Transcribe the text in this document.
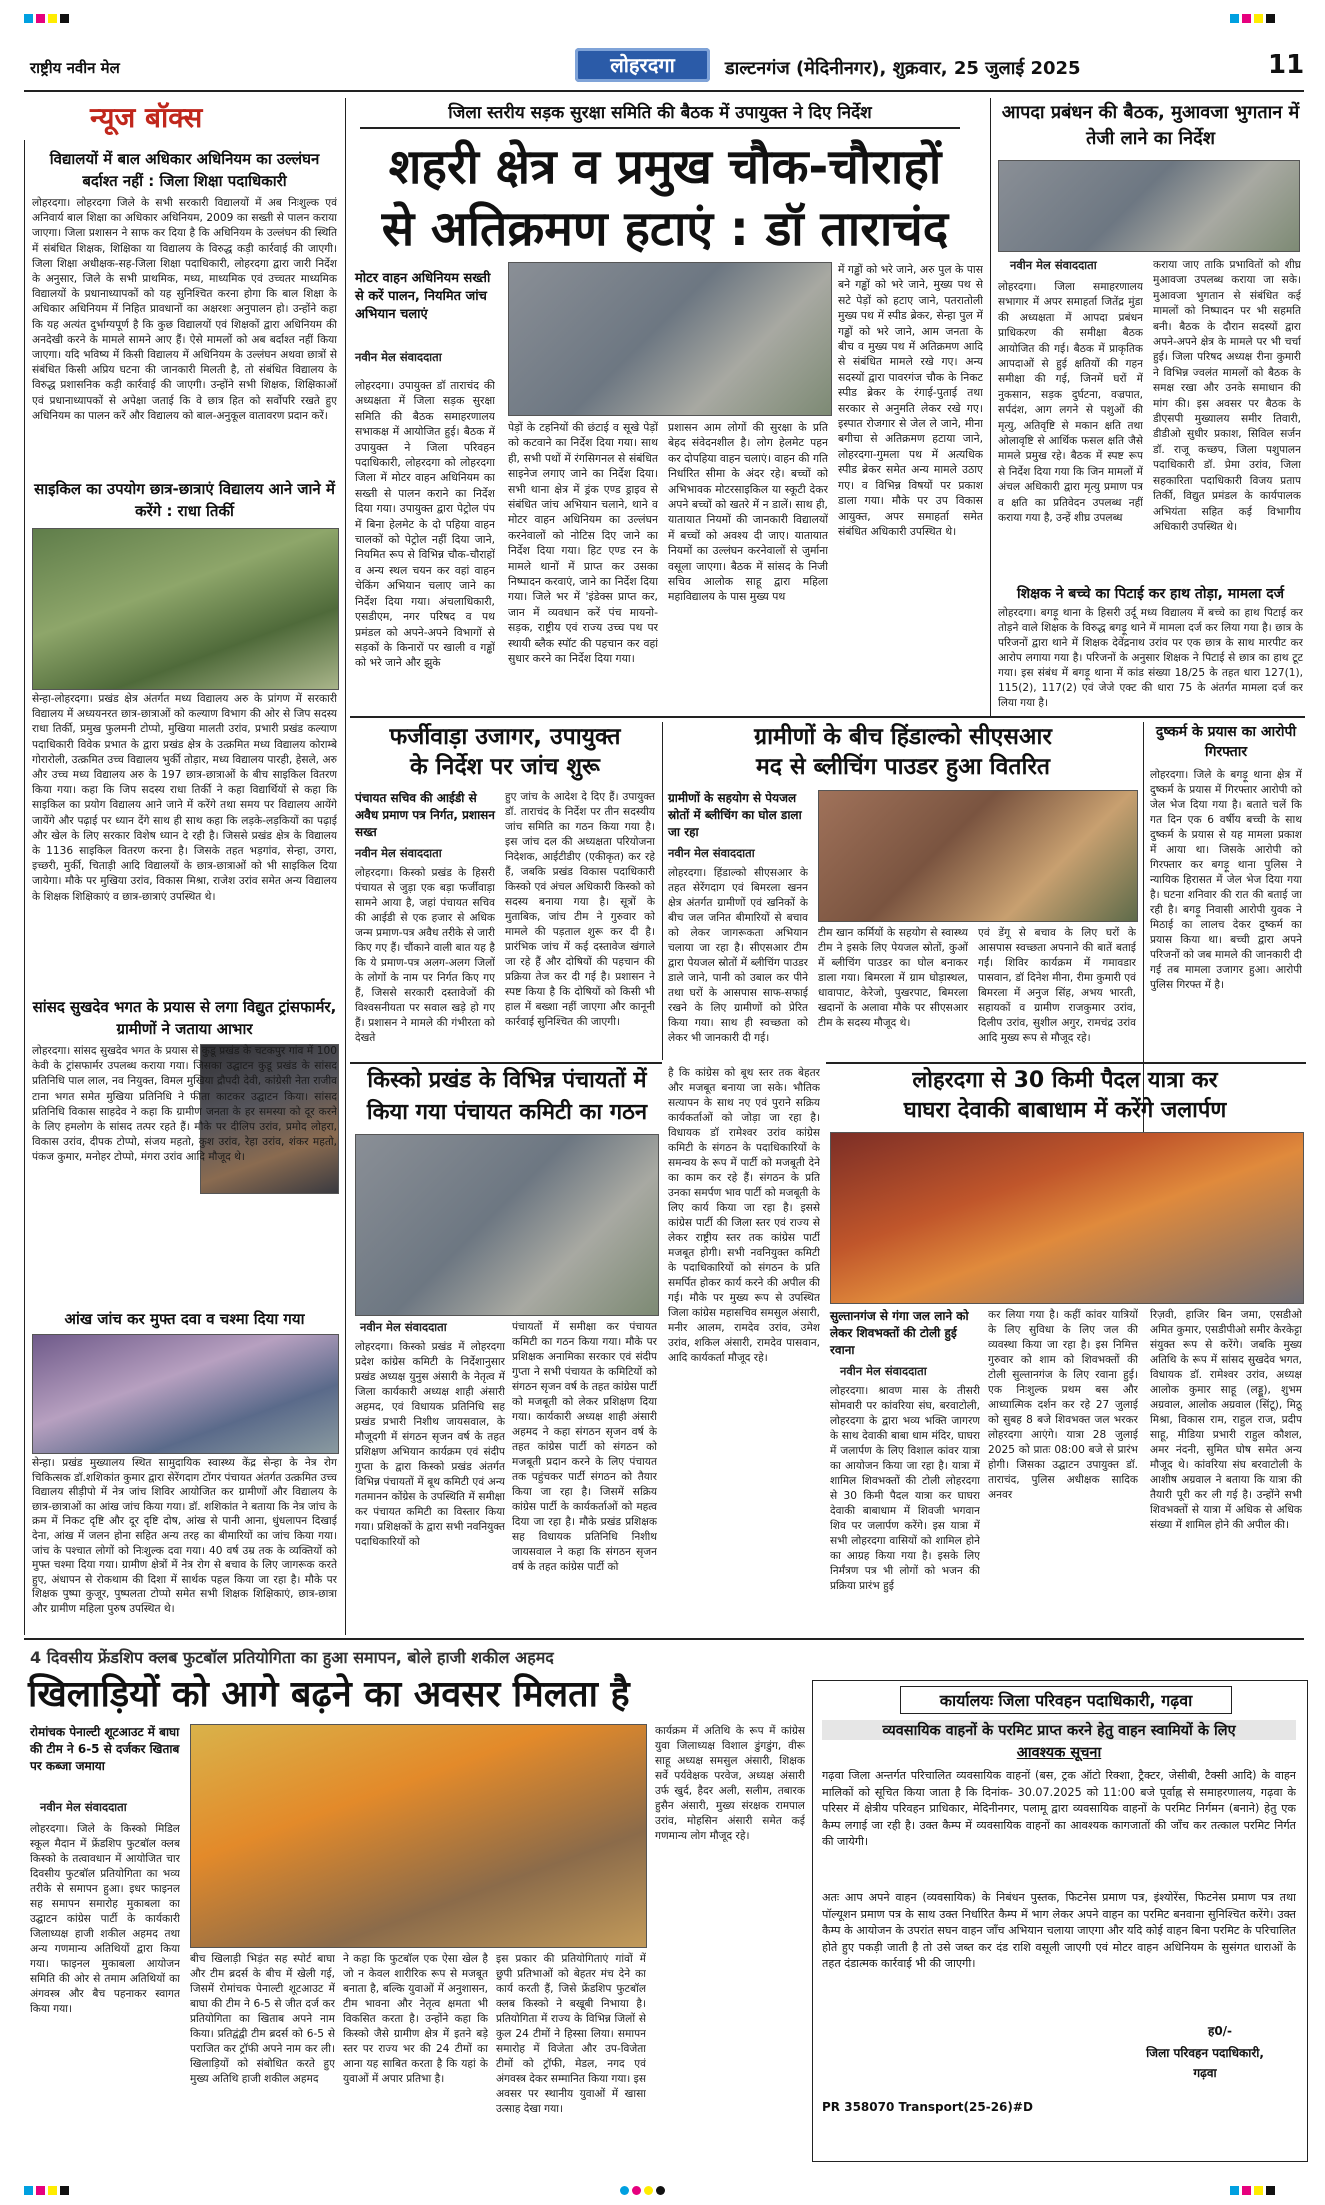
राष्ट्रीय नवीन मेल	लोहरदगा	डाल्टनगंज (मेदिनीनगर), शुक्रवार, 25 जुलाई 2025	11
न्यूज बॉक्स
विद्यालयों में बाल अधिकार अधिनियम का उल्लंघन बर्दाश्त नहीं : जिला शिक्षा पदाधिकारी
लोहरदगा। लोहरदगा जिले के सभी सरकारी विद्यालयों में अब निःशुल्क एवं अनिवार्य बाल शिक्षा का अधिकार अधिनियम, 2009 का सख्ती से पालन कराया जाएगा। जिला प्रशासन ने साफ कर दिया है कि अधिनियम के उल्लंघन की स्थिति में संबंधित शिक्षक, शिक्षिका या विद्यालय के विरुद्ध कड़ी कार्रवाई की जाएगी। जिला शिक्षा अधीक्षक-सह-जिला शिक्षा पदाधिकारी, लोहरदगा द्वारा जारी निर्देश के अनुसार, जिले के सभी प्राथमिक, मध्य, माध्यमिक एवं उच्चतर माध्यमिक विद्यालयों के प्रधानाध्यापकों को यह सुनिश्चित करना होगा कि बाल शिक्षा के अधिकार अधिनियम में निहित प्रावधानों का अक्षरशः अनुपालन हो। उन्होंने कहा कि यह अत्यंत दुर्भाग्यपूर्ण है कि कुछ विद्यालयों एवं शिक्षकों द्वारा अधिनियम की अनदेखी करने के मामले सामने आए हैं। ऐसे मामलों को अब बर्दाश्त नहीं किया जाएगा। यदि भविष्य में किसी विद्यालय में अधिनियम के उल्लंघन अथवा छात्रों से संबंधित किसी अप्रिय घटना की जानकारी मिलती है, तो संबंधित विद्यालय के विरुद्ध प्रशासनिक कड़ी कार्रवाई की जाएगी। उन्होंने सभी शिक्षक, शिक्षिकाओं एवं प्रधानाध्यापकों से अपेक्षा जताई कि वे छात्र हित को सर्वोपरि रखते हुए अधिनियम का पालन करें और विद्यालय को बाल-अनुकूल वातावरण प्रदान करें।
साइकिल का उपयोग छात्र-छात्राएं विद्यालय आने जाने में करेंगे : राधा तिर्की
सेन्हा-लोहरदगा। प्रखंड क्षेत्र अंतर्गत मध्य विद्यालय अरु के प्रांगण में सरकारी विद्यालय में अध्ययनरत छात्र-छात्राओं को कल्याण विभाग की ओर से जिप सदस्य राधा तिर्की, प्रमुख फुलमनी टोप्पो, मुखिया मालती उरांव, प्रभारी प्रखंड कल्याण पदाधिकारी विवेक प्रभात के द्वारा प्रखंड क्षेत्र के उत्क्रमित मध्य विद्यालय कोराम्बे गोरारोली, उत्क्रमित उच्च विद्यालय भुर्की तोड़ार, मध्य विद्यालय पारही, हेसले, अरु और उच्च मध्य विद्यालय अरु के 197 छात्र-छात्राओं के बीच साइकिल वितरण किया गया। कहा कि जिप सदस्य राधा तिर्की ने कहा विद्यार्थियों से कहा कि साइकिल का प्रयोग विद्यालय आने जाने में करेंगे तथा समय पर विद्यालय आयेंगे जायेंगे और पढ़ाई पर ध्यान देंगे साथ ही साथ कहा कि लड़के-लड़कियों का पढ़ाई और खेल के लिए सरकार विशेष ध्यान दे रही है। जिससे प्रखंड क्षेत्र के विद्यालय के 1136 साइकिल वितरण करना है। जिसके तहत भड़गांव, सेन्हा, उगरा, इच्छरी, मुर्की, चिताड़ी आदि विद्यालयों के छात्र-छात्राओं को भी साइकिल दिया जायेगा। मौके पर मुखिया उरांव, विकास मिश्रा, राजेश उरांव समेत अन्य विद्यालय के शिक्षक शिक्षिकाएं व छात्र-छात्राएं उपस्थित थे।
सांसद सुखदेव भगत के प्रयास से लगा विद्युत ट्रांसफार्मर, ग्रामीणों ने जताया आभार
लोहरदगा। सांसद सुखदेव भगत के प्रयास से कुडू प्रखंड के चटकपुर गांव में 100 केवी के ट्रांसफार्मर उपलब्ध कराया गया। जिसका उद्घाटन कुडू प्रखंड के सांसद प्रतिनिधि पाल लाल, नव नियुक्त, विमल मुखिया द्रौपदी देवी, कांग्रेसी नेता राजीव टाना भगत समेत मुखिया प्रतिनिधि ने फीता काटकर उद्घाटन किया। सांसद प्रतिनिधि विकास साहदेव ने कहा कि ग्रामीण जनता के हर समस्या को दूर करने के लिए हमलोग के सांसद तत्पर रहते हैं। मौके पर दीलिप उरांव, प्रमोद लोहरा, विकास उरांव, दीपक टोप्पो, संजय महतो, कुश उरांव, रेहा उरांव, शंकर महतो, पंकज कुमार, मनोहर टोप्पो, मंगरा उरांव आदि मौजूद थे।
आंख जांच कर मुफ्त दवा व चश्मा दिया गया
सेन्हा। प्रखंड मुख्यालय स्थित सामुदायिक स्वास्थ्य केंद्र सेन्हा के नेत्र रोग चिकित्सक डॉ.शशिकांत कुमार द्वारा सेरेंगदाग टोंगर पंचायत अंतर्गत उत्क्रमित उच्च विद्यालय सीड़ीपो में नेत्र जांच शिविर आयोजित कर ग्रामीणों और विद्यालय के छात्र-छात्राओं का आंख जांच किया गया। डॉ. शशिकांत ने बताया कि नेत्र जांच के क्रम में निकट दृष्टि और दूर दृष्टि दोष, आंख से पानी आना, धुंधलापन दिखाई देना, आंख में जलन होना सहित अन्य तरह का बीमारियों का जांच किया गया। जांच के पश्चात लोगों को निःशुल्क दवा गया। 40 वर्ष उम्र तक के व्यक्तियों को मुफ्त चश्मा दिया गया। ग्रामीण क्षेत्रों में नेत्र रोग से बचाव के लिए जागरूक करते हुए, अंधापन से रोकथाम की दिशा में सार्थक पहल किया जा रहा है। मौके पर शिक्षक पुष्पा कुजूर, पुष्पलता टोप्पो समेत सभी शिक्षक शिक्षिकाएं, छात्र-छात्रा और ग्रामीण महिला पुरुष उपस्थित थे।
जिला स्तरीय सड़क सुरक्षा समिति की बैठक में उपायुक्त ने दिए निर्देश
शहरी क्षेत्र व प्रमुख चौक-चौराहों
से अतिक्रमण हटाएं : डॉ ताराचंद
मोटर वाहन अधिनियम सख्ती से करें पालन, नियमित जांच अभियान चलाएं
नवीन मेल संवाददाता
लोहरदगा। उपायुक्त डॉ ताराचंद की अध्यक्षता में जिला सड़क सुरक्षा समिति की बैठक समाहरणालय सभाकक्ष में आयोजित हुई। बैठक में उपायुक्त ने जिला परिवहन पदाधिकारी, लोहरदगा को लोहरदगा जिला में मोटर वाहन अधिनियम का सख्ती से पालन कराने का निर्देश दिया गया। उपायुक्त द्वारा पेट्रोल पंप में बिना हेलमेट के दो पहिया वाहन चालकों को पेट्रोल नहीं दिया जाने, नियमित रूप से विभिन्न चौक-चौराहों व अन्य स्थल चयन कर वहां वाहन चेकिंग अभियान चलाए जाने का निर्देश दिया गया। अंचलाधिकारी, एसडीएम, नगर परिषद व पथ प्रमंडल को अपने-अपने विभागों से सड़कों के किनारों पर खाली व गड्ढों को भरे जाने और झुके
पेड़ों के टहनियों की छंटाई व सूखे पेड़ों को कटवाने का निर्देश दिया गया। साथ ही, सभी पथों में रंगसिगनल से संबंधित साइनेज लगाए जाने का निर्देश दिया। सभी थाना क्षेत्र में ड्रंक एण्ड ड्राइव से संबंधित जांच अभियान चलाने, थाने व मोटर वाहन अधिनियम का उल्लंघन करनेवालों को नोटिस दिए जाने का निर्देश दिया गया। हिट एण्ड रन के मामले थानों में प्राप्त कर उसका निष्पादन करवाएं, जाने का निर्देश दिया गया। जिले भर में 'इंडेक्स प्राप्त कर, जान में व्यवधान करें पंच मायनो-सड़क, राष्ट्रीय एवं राज्य उच्च पथ पर स्थायी ब्लैक स्पॉट की पहचान कर वहां सुधार करने का निर्देश दिया गया।
प्रशासन आम लोगों की सुरक्षा के प्रति बेहद संवेदनशील है। लोग हेलमेट पहन कर दोपहिया वाहन चलाएं। वाहन की गति निर्धारित सीमा के अंदर रहे। बच्चों को अभिभावक मोटरसाइकिल या स्कूटी देकर अपने बच्चों को खतरे में न डालें। साथ ही, यातायात नियमों की जानकारी विद्यालयों में बच्चों को अवश्य दी जाए। यातायात नियमों का उल्लंघन करनेवालों से जुर्माना वसूला जाएगा। बैठक में सांसद के निजी सचिव आलोक साहू द्वारा महिला महाविद्यालय के पास मुख्य पथ
में गड्ढों को भरे जाने, अरु पुल के पास बने गड्ढों को भरे जाने, मुख्य पथ से सटे पेड़ों को हटाए जाने, पतरातोली मुख्य पथ में स्पीड ब्रेकर, सेन्हा पुल में गड्ढों को भरे जाने, आम जनता के बीच व मुख्य पथ में अतिक्रमण आदि से संबंधित मामले रखे गए। अन्य सदस्यों द्वारा पावरगंज चौक के निकट स्पीड ब्रेकर के रंगाई-पुताई तथा सरकार से अनुमति लेकर रखे गए। इस्पात रोजगार से जेल ले जाने, मीना बगीचा से अतिक्रमण हटाया जाने, लोहरदगा-गुमला पथ में अत्यधिक स्पीड ब्रेकर समेत अन्य मामले उठाए गए। व विभिन्न विषयों पर प्रकाश डाला गया। मौके पर उप विकास आयुक्त, अपर समाहर्ता समेत संबंधित अधिकारी उपस्थित थे।
आपदा प्रबंधन की बैठक, मुआवजा भुगतान में तेजी लाने का निर्देश
नवीन मेल संवाददाता
लोहरदगा। जिला समाहरणालय सभागार में अपर समाहर्ता जितेंद्र मुंडा की अध्यक्षता में आपदा प्रबंधन प्राधिकरण की समीक्षा बैठक आयोजित की गई। बैठक में प्राकृतिक आपदाओं से हुई क्षतियों की गहन समीक्षा की गई, जिनमें घरों में नुकसान, सड़क दुर्घटना, वज्रपात, सर्पदंश, आग लगने से पशुओं की मृत्यु, अतिवृष्टि से मकान क्षति तथा ओलावृष्टि से आर्थिक फसल क्षति जैसे मामले प्रमुख रहे। बैठक में स्पष्ट रूप से निर्देश दिया गया कि जिन मामलों में अंचल अधिकारी द्वारा मृत्यु प्रमाण पत्र व क्षति का प्रतिवेदन उपलब्ध नहीं कराया गया है, उन्हें शीघ्र उपलब्ध
कराया जाए ताकि प्रभावितों को शीघ्र मुआवजा उपलब्ध कराया जा सके। मुआवजा भुगतान से संबंधित कई मामलों को निष्पादन पर भी सहमति बनी। बैठक के दौरान सदस्यों द्वारा अपने-अपने क्षेत्र के मामले पर भी चर्चा हुई। जिला परिषद अध्यक्ष रीना कुमारी ने विभिन्न ज्वलंत मामलों को बैठक के समक्ष रखा और उनके समाधान की मांग की। इस अवसर पर बैठक के डीएसपी मुख्यालय समीर तिवारी, डीडीओ सुधीर प्रकाश, सिविल सर्जन डॉ. राजू कच्छप, जिला पशुपालन पदाधिकारी डॉ. प्रेमा उरांव, जिला सहकारिता पदाधिकारी विजय प्रताप तिर्की, विद्युत प्रमंडल के कार्यपालक अभियंता सहित कई विभागीय अधिकारी उपस्थित थे।
शिक्षक ने बच्चे का पिटाई कर हाथ तोड़ा, मामला दर्ज
लोहरदगा। बगड़ू थाना के हिसरी उर्दू मध्य विद्यालय में बच्चे का हाथ पिटाई कर तोड़ने वाले शिक्षक के विरुद्ध बगड़ू थाने में मामला दर्ज कर लिया गया है। छात्र के परिजनों द्वारा थाने में शिक्षक देवेंद्रनाथ उरांव पर एक छात्र के साथ मारपीट कर आरोप लगाया गया है। परिजनों के अनुसार शिक्षक ने पिटाई से छात्र का हाथ टूट गया। इस संबंध में बगड़ू थाना में कांड संख्या 18/25 के तहत धारा 127(1), 115(2), 117(2) एवं जेजे एक्ट की धारा 75 के अंतर्गत मामला दर्ज कर लिया गया है।
फर्जीवाड़ा उजागर, उपायुक्त
के निर्देश पर जांच शुरू
पंचायत सचिव की आईडी से अवैध प्रमाण पत्र निर्गत, प्रशासन सख्त
नवीन मेल संवाददाता
लोहरदगा। किस्को प्रखंड के हिसरी पंचायत से जुड़ा एक बड़ा फर्जीवाड़ा सामने आया है, जहां पंचायत सचिव की आईडी से एक हजार से अधिक जन्म प्रमाण-पत्र अवैध तरीके से जारी किए गए हैं। चौंकाने वाली बात यह है कि ये प्रमाण-पत्र अलग-अलग जिलों के लोगों के नाम पर निर्गत किए गए हैं, जिससे सरकारी दस्तावेजों की विश्वसनीयता पर सवाल खड़े हो गए हैं। प्रशासन ने मामले की गंभीरता को देखते
हुए जांच के आदेश दे दिए हैं। उपायुक्त डॉ. ताराचंद के निर्देश पर तीन सदस्यीय जांच समिति का गठन किया गया है। इस जांच दल की अध्यक्षता परियोजना निदेशक, आईटीडीए (एकीकृत) कर रहे हैं, जबकि प्रखंड विकास पदाधिकारी किस्को एवं अंचल अधिकारी किस्को को सदस्य बनाया गया है। सूत्रों के मुताबिक, जांच टीम ने गुरुवार को मामले की पड़ताल शुरू कर दी है। प्रारंभिक जांच में कई दस्तावेज खंगाले जा रहे हैं और दोषियों की पहचान की प्रक्रिया तेज कर दी गई है। प्रशासन ने स्पष्ट किया है कि दोषियों को किसी भी हाल में बख्शा नहीं जाएगा और कानूनी कार्रवाई सुनिश्चित की जाएगी।
ग्रामीणों के बीच हिंडाल्को सीएसआर
मद से ब्लीचिंग पाउडर हुआ वितरित
ग्रामीणों के सहयोग से पेयजल स्रोतों में ब्लीचिंग का घोल डाला जा रहा
नवीन मेल संवाददाता
लोहरदगा। हिंडाल्को सीएसआर के तहत सेरेंगदाग एवं बिमरला खनन क्षेत्र अंतर्गत ग्रामीणों एवं खनिकों के बीच जल जनित बीमारियों से बचाव को लेकर जागरूकता अभियान चलाया जा रहा है। सीएसआर टीम द्वारा पेयजल स्रोतों में ब्लीचिंग पाउडर डाले जाने, पानी को उबाल कर पीने तथा घरों के आसपास साफ-सफाई रखने के लिए ग्रामीणों को प्रेरित किया गया। साथ ही स्वच्छता को लेकर भी जानकारी दी गई।
टीम खान कर्मियों के सहयोग से स्वास्थ्य टीम ने इसके लिए पेयजल स्रोतों, कुओं में ब्लीचिंग पाउडर का घोल बनाकर डाला गया। बिमरला में ग्राम घोड़ास्थल, धावापाट, केरेजो, पुखरपाट, बिमरला खदानों के अलावा मौके पर सीएसआर टीम के सदस्य मौजूद थे।
एवं डेंगू से बचाव के लिए घरों के आसपास स्वच्छता अपनाने की बातें बताई गईं। शिविर कार्यक्रम में गमावडार पासवान, डॉ दिनेश मीना, रीमा कुमारी एवं बिमरला में अनुज सिंह, अभय भारती, सहायकों व ग्रामीण राजकुमार उरांव, दिलीप उरांव, सुशील अगुर, रामचंद्र उरांव आदि मुख्य रूप से मौजूद रहे।
दुष्कर्म के प्रयास का आरोपी गिरफ्तार
लोहरदगा। जिले के बगड़ू थाना क्षेत्र में दुष्कर्म के प्रयास में गिरफ्तार आरोपी को जेल भेज दिया गया है। बताते चलें कि गत दिन एक 6 वर्षीय बच्ची के साथ दुष्कर्म के प्रयास से यह मामला प्रकाश में आया था। जिसके आरोपी को गिरफ्तार कर बगड़ू थाना पुलिस ने न्यायिक हिरासत में जेल भेज दिया गया है। घटना शनिवार की रात की बताई जा रही है। बगड़ू निवासी आरोपी युवक ने मिठाई का लालच देकर दुष्कर्म का प्रयास किया था। बच्ची द्वारा अपने परिजनों को जब मामले की जानकारी दी गई तब मामला उजागर हुआ। आरोपी पुलिस गिरफ्त में है।
किस्को प्रखंड के विभिन्न पंचायतों में
किया गया पंचायत कमिटी का गठन
नवीन मेल संवाददाता
लोहरदगा। किस्को प्रखंड में लोहरदगा प्रदेश कांग्रेस कमिटी के निर्देशानुसार प्रखंड अध्यक्ष युनुस अंसारी के नेतृत्व में जिला कार्यकारी अध्यक्ष शाही अंसारी अहमद, एवं विधायक प्रतिनिधि सह प्रखंड प्रभारी निशीथ जायसवाल, के मौजूदगी में संगठन सृजन वर्ष के तहत प्रशिक्षण अभियान कार्यक्रम एवं संदीप गुप्ता के द्वारा किस्को प्रखंड अंतर्गत विभिन्न पंचायतों में बूथ कमिटी एवं अन्य गतमानन कोंग्रेस के उपस्थिति में समीक्षा कर पंचायत कमिटी का विस्तार किया गया। प्रशिक्षकों के द्वारा सभी नवनियुक्त पदाधिकारियों को
पंचायतों में समीक्षा कर पंचायत कमिटी का गठन किया गया। मौके पर प्रशिक्षक अनामिका सरकार एवं संदीप गुप्ता ने सभी पंचायत के कमिटियों को संगठन सृजन वर्ष के तहत कांग्रेस पार्टी को मजबूती को लेकर प्रशिक्षण दिया गया। कार्यकारी अध्यक्ष शाही अंसारी अहमद ने कहा संगठन सृजन वर्ष के तहत कांग्रेस पार्टी को संगठन को मजबूती प्रदान करने के लिए पंचायत तक पहुंचकर पार्टी संगठन को तैयार किया जा रहा है। जिसमें सक्रिय कांग्रेस पार्टी के कार्यकर्ताओं को महत्व दिया जा रहा है। मौके प्रखंड प्रशिक्षक सह विधायक प्रतिनिधि निशीथ जायसवाल ने कहा कि संगठन सृजन वर्ष के तहत कांग्रेस पार्टी को
है कि कांग्रेस को बूथ स्तर तक बेहतर और मजबूत बनाया जा सके। भौतिक सत्यापन के साथ नए एवं पुराने सक्रिय कार्यकर्ताओं को जोड़ा जा रहा है। विधायक डॉ रामेश्वर उरांव कांग्रेस कमिटी के संगठन के पदाधिकारियों के समन्वय के रूप में पार्टी को मजबूती देने का काम कर रहे हैं। संगठन के प्रति उनका समर्पण भाव पार्टी को मजबूती के लिए कार्य किया जा रहा है। इससे कांग्रेस पार्टी की जिला स्तर एवं राज्य से लेकर राष्ट्रीय स्तर तक कांग्रेस पार्टी मजबूत होगी। सभी नवनियुक्त कमिटी के पदाधिकारियों को संगठन के प्रति समर्पित होकर कार्य करने की अपील की गई। मौके पर मुख्य रूप से उपस्थित जिला कांग्रेस महासचिव समसुल अंसारी, मनीर आलम, रामदेव उरांव, उमेश उरांव, शकिल अंसारी, रामदेव पासवान, आदि कार्यकर्ता मौजूद रहे।
लोहरदगा से 30 किमी पैदल यात्रा कर
घाघरा देवाकी बाबाधाम में करेंगे जलार्पण
सुल्तानगंज से गंगा जल लाने को लेकर शिवभक्तों की टोली हुई रवाना
नवीन मेल संवाददाता
लोहरदगा। श्रावण मास के तीसरी सोमवारी पर कांवरिया संघ, बरवाटोली, लोहरदगा के द्वारा भव्य भक्ति जागरण के साथ देवाकी बाबा धाम मंदिर, घाघरा में जलार्पण के लिए विशाल कांवर यात्रा का आयोजन किया जा रहा है। यात्रा में शामिल शिवभक्तों की टोली लोहरदगा से 30 किमी पैदल यात्रा कर घाघरा देवाकी बाबाधाम में शिवजी भगवान शिव पर जलार्पण करेंगे। इस यात्रा में सभी लोहरदगा वासियों को शामिल होने का आग्रह किया गया है। इसके लिए निर्मंत्रण पत्र भी लोगों को भजन की प्रक्रिया प्रारंभ हुई
कर लिया गया है। कहीं कांवर यात्रियों के लिए सुविधा के लिए जल की व्यवस्था किया जा रहा है। इस निमित्त गुरुवार को शाम को शिवभक्तों की टोली सुल्तानगंज के लिए रवाना हुई। एक निःशुल्क प्रथम बस और आध्यात्मिक दर्शन कर रहे 27 जुलाई को सुबह 8 बजे शिवभक्त जल भरकर लोहरदगा आएंगे। यात्रा 28 जुलाई 2025 को प्रातः 08:00 बजे से प्रारंभ होगी। जिसका उद्घाटन उपायुक्त डॉ. ताराचंद, पुलिस अधीक्षक सादिक अनवर
रिज़वी, हाजिर बिन जमा, एसडीओ अमित कुमार, एसडीपीओ समीर केरकेट्टा संयुक्त रूप से करेंगे। जबकि मुख्य अतिथि के रूप में सांसद सुखदेव भगत, विधायक डॉ. रामेश्वर उरांव, अध्यक्ष आलोक कुमार साहू (लड्डू), शुभम अग्रवाल, आलोक अग्रवाल (सिंटू), मिठू मिश्रा, विकास राम, राहुल राज, प्रदीप साहू, मीडिया प्रभारी राहुल कौशल, अमर नंदनी, सुमित घोष समेत अन्य मौजूद थे। कांवरिया संघ बरवाटोली के आशीष अग्रवाल ने बताया कि यात्रा की तैयारी पूरी कर ली गई है। उन्होंने सभी शिवभक्तों से यात्रा में अधिक से अधिक संख्या में शामिल होने की अपील की।
4 दिवसीय फ्रेंडशिप क्लब फुटबॉल प्रतियोगिता का हुआ समापन, बोले हाजी शकील अहमद
खिलाड़ियों को आगे बढ़ने का अवसर मिलता है
रोमांचक पेनाल्टी शूटआउट में बाघा की टीम ने 6-5 से दर्जकर खिताब पर कब्जा जमाया
नवीन मेल संवाददाता
लोहरदगा। जिले के किस्को मिडिल स्कूल मैदान में फ्रेंडशिप फुटबॉल क्लब किस्को के तत्वावधान में आयोजित चार दिवसीय फुटबॉल प्रतियोगिता का भव्य तरीके से समापन हुआ। इधर फाइनल सह समापन समारोह मुकाबला का उद्घाटन कांग्रेस पार्टी के कार्यकारी जिलाध्यक्ष हाजी शकील अहमद तथा अन्य गणमान्य अतिथियों द्वारा किया गया। फाइनल मुकाबला आयोजन समिति की ओर से तमाम अतिथियों का अंगवस्त्र और बैच पहनाकर स्वागत किया गया।
बीच खिलाड़ी भिड़ंत सह स्पोर्ट बाघा और टीम ब्रदर्स के बीच में खेली गई, जिसमें रोमांचक पेनाल्टी शूटआउट में बाघा की टीम ने 6-5 से जीत दर्ज कर प्रतियोगिता का खिताब अपने नाम किया। प्रतिद्वंद्वी टीम ब्रदर्स को 6-5 से पराजित कर ट्रॉफी अपने नाम कर ली। खिलाड़ियों को संबोधित करते हुए मुख्य अतिथि हाजी शकील अहमद
ने कहा कि फुटबॉल एक ऐसा खेल है जो न केवल शारीरिक रूप से मजबूत बनाता है, बल्कि युवाओं में अनुशासन, टीम भावना और नेतृत्व क्षमता भी विकसित करता है। उन्होंने कहा कि किस्को जैसे ग्रामीण क्षेत्र में इतने बड़े स्तर पर राज्य भर की 24 टीमों का आना यह साबित करता है कि यहां के युवाओं में अपार प्रतिभा है।
इस प्रकार की प्रतियोगिताएं गांवों में छुपी प्रतिभाओं को बेहतर मंच देने का कार्य करती हैं, जिसे फ्रेंडशिप फुटबॉल क्लब किस्को ने बखूबी निभाया है। प्रतियोगिता में राज्य के विभिन्न जिलों से कुल 24 टीमों ने हिस्सा लिया। समापन समारोह में विजेता और उप-विजेता टीमों को ट्रॉफी, मेडल, नगद एवं अंगवस्त्र देकर सम्मानित किया गया। इस अवसर पर स्थानीय युवाओं में खासा उत्साह देखा गया।
कार्यक्रम में अतिथि के रूप में कांग्रेस युवा जिलाध्यक्ष विशाल डुंगडुंग, वीरू साहू अध्यक्ष समसुल अंसारी, शिक्षक सर्वे पर्यवेक्षक परवेज, अध्यक्ष अंसारी उर्फ खुर्द, हैदर अली, सलीम, तबारक हुसैन अंसारी, मुख्य संरक्षक रामपाल उरांव, मोहसिन अंसारी समेत कई गणमान्य लोग मौजूद रहे।
कार्यालयः जिला परिवहन पदाधिकारी, गढ़वा
व्यवसायिक वाहनों के परमिट प्राप्त करने हेतु वाहन स्वामियों के लिए
आवश्यक सूचना
गढ़वा जिला अन्तर्गत परिचालित व्यवसायिक वाहनों (बस, ट्रक ऑटो रिक्शा, ट्रैक्टर, जेसीबी, टैक्सी आदि) के वाहन मालिकों को सूचित किया जाता है कि दिनांक- 30.07.2025 को 11:00 बजे पूर्वाह्न से समाहरणालय, गढ़वा के परिसर में क्षेत्रीय परिवहन प्राधिकार, मेदिनीनगर, पलामू द्वारा व्यवसायिक वाहनों के परमिट निर्गमन (बनाने) हेतु एक कैम्प लगाई जा रही है। उक्त कैम्प में व्यवसायिक वाहनों का आवश्यक कागजातों की जाँच कर तत्काल परमिट निर्गत की जायेगी।
अतः आप अपने वाहन (व्यवसायिक) के निबंधन पुस्तक, फिटनेस प्रमाण पत्र, इंश्योरेंस, फिटनेस प्रमाण पत्र तथा पॉल्यूशन प्रमाण पत्र के साथ उक्त निर्धारित कैम्प में भाग लेकर अपने वाहन का परमिट बनवाना सुनिश्चित करेंगे। उक्त कैम्प के आयोजन के उपरांत सघन वाहन जाँच अभियान चलाया जाएगा और यदि कोई वाहन बिना परमिट के परिचालित होते हुए पकड़ी जाती है तो उसे जब्त कर दंड राशि वसूली जाएगी एवं मोटर वाहन अधिनियम के सुसंगत धाराओं के तहत दंडात्मक कार्रवाई भी की जाएगी।
ह0/-
जिला परिवहन पदाधिकारी,
गढ़वा
PR 358070 Transport(25-26)#D
